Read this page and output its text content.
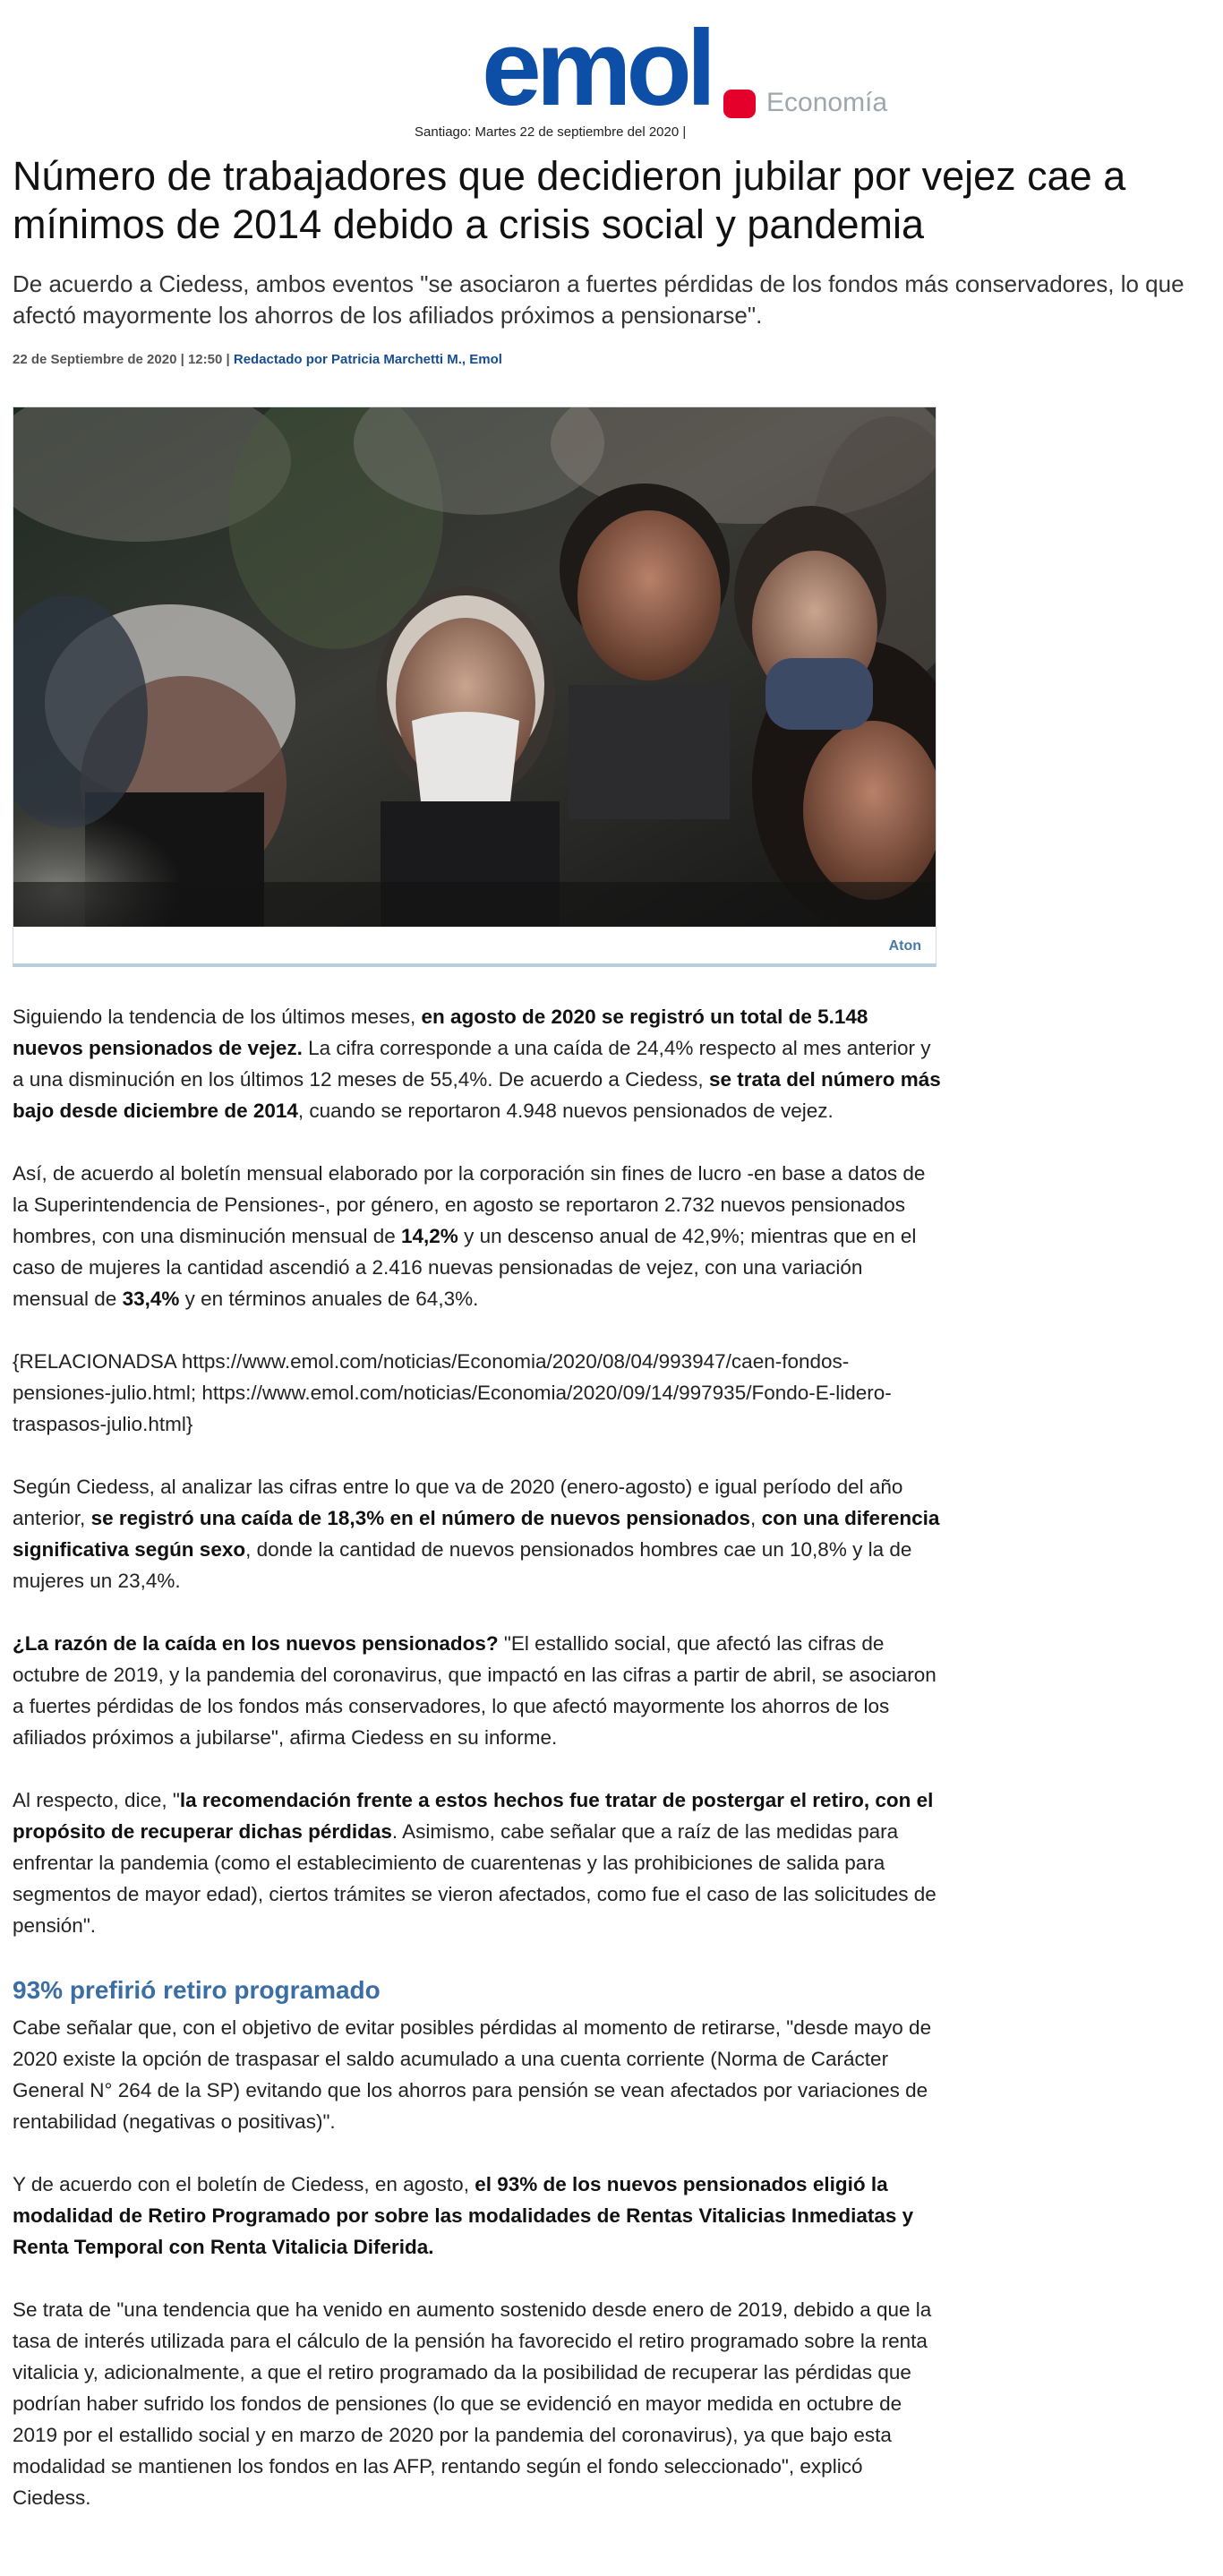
emol Economía
Santiago: Martes 22 de septiembre del 2020 |
Número de trabajadores que decidieron jubilar por vejez cae a mínimos de 2014 debido a crisis social y pandemia
De acuerdo a Ciedess, ambos eventos "se asociaron a fuertes pérdidas de los fondos más conservadores, lo que afectó mayormente los ahorros de los afiliados próximos a pensionarse".
22 de Septiembre de 2020 | 12:50 | Redactado por Patricia Marchetti M., Emol
Aton

Siguiendo la tendencia de los últimos meses, en agosto de 2020 se registró un total de 5.148 nuevos pensionados de vejez. La cifra corresponde a una caída de 24,4% respecto al mes anterior y a una disminución en los últimos 12 meses de 55,4%. De acuerdo a Ciedess, se trata del número más bajo desde diciembre de 2014, cuando se reportaron 4.948 nuevos pensionados de vejez.

Así, de acuerdo al boletín mensual elaborado por la corporación sin fines de lucro -en base a datos de la Superintendencia de Pensiones-, por género, en agosto se reportaron 2.732 nuevos pensionados hombres, con una disminución mensual de 14,2% y un descenso anual de 42,9%; mientras que en el caso de mujeres la cantidad ascendió a 2.416 nuevas pensionadas de vejez, con una variación mensual de 33,4% y en términos anuales de 64,3%.

{RELACIONADSA https://www.emol.com/noticias/Economia/2020/08/04/993947/caen-fondos-pensiones-julio.html; https://www.emol.com/noticias/Economia/2020/09/14/997935/Fondo-E-lidero-traspasos-julio.html}

Según Ciedess, al analizar las cifras entre lo que va de 2020 (enero-agosto) e igual período del año anterior, se registró una caída de 18,3% en el número de nuevos pensionados, con una diferencia significativa según sexo, donde la cantidad de nuevos pensionados hombres cae un 10,8% y la de mujeres un 23,4%.

¿La razón de la caída en los nuevos pensionados? "El estallido social, que afectó las cifras de octubre de 2019, y la pandemia del coronavirus, que impactó en las cifras a partir de abril, se asociaron a fuertes pérdidas de los fondos más conservadores, lo que afectó mayormente los ahorros de los afiliados próximos a jubilarse", afirma Ciedess en su informe.

Al respecto, dice, "la recomendación frente a estos hechos fue tratar de postergar el retiro, con el propósito de recuperar dichas pérdidas. Asimismo, cabe señalar que a raíz de las medidas para enfrentar la pandemia (como el establecimiento de cuarentenas y las prohibiciones de salida para segmentos de mayor edad), ciertos trámites se vieron afectados, como fue el caso de las solicitudes de pensión".

93% prefirió retiro programado

Cabe señalar que, con el objetivo de evitar posibles pérdidas al momento de retirarse, "desde mayo de 2020 existe la opción de traspasar el saldo acumulado a una cuenta corriente (Norma de Carácter General N° 264 de la SP) evitando que los ahorros para pensión se vean afectados por variaciones de rentabilidad (negativas o positivas)".

Y de acuerdo con el boletín de Ciedess, en agosto, el 93% de los nuevos pensionados eligió la modalidad de Retiro Programado por sobre las modalidades de Rentas Vitalicias Inmediatas y Renta Temporal con Renta Vitalicia Diferida.

Se trata de "una tendencia que ha venido en aumento sostenido desde enero de 2019, debido a que la tasa de interés utilizada para el cálculo de la pensión ha favorecido el retiro programado sobre la renta vitalicia y, adicionalmente, a que el retiro programado da la posibilidad de recuperar las pérdidas que podrían haber sufrido los fondos de pensiones (lo que se evidenció en mayor medida en octubre de 2019 por el estallido social y en marzo de 2020 por la pandemia del coronavirus), ya que bajo esta modalidad se mantienen los fondos en las AFP, rentando según el fondo seleccionado", explicó Ciedess.
